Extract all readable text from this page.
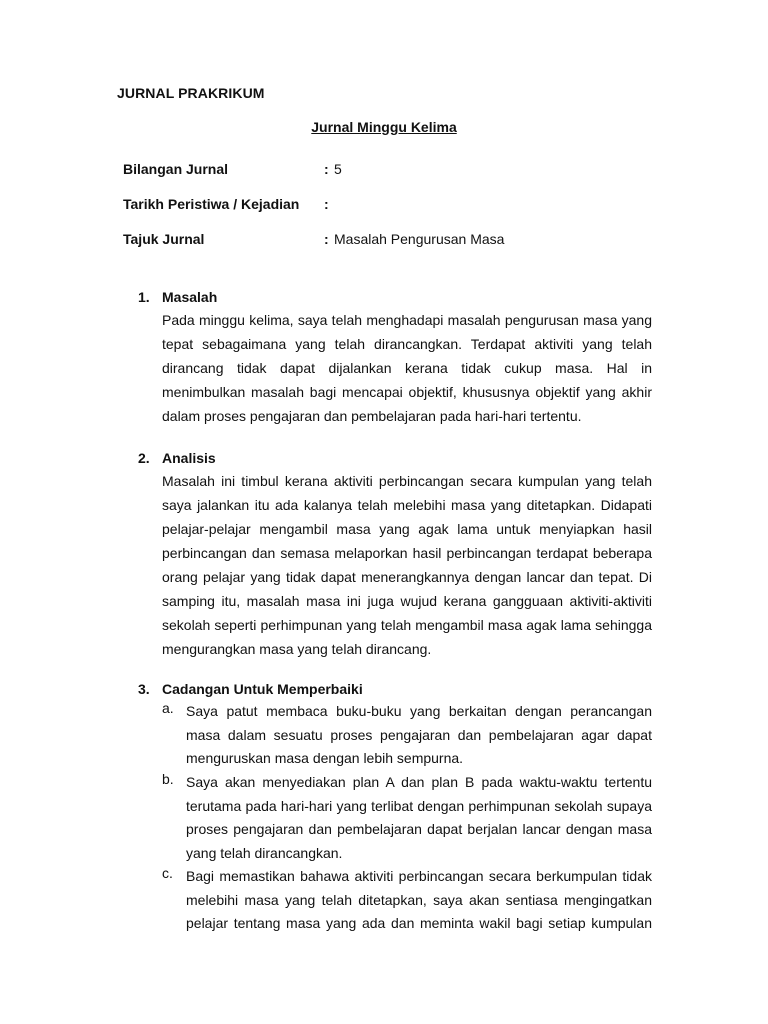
JURNAL PRAKRIKUM
Jurnal Minggu Kelima
Bilangan Jurnal	: 5
Tarikh Peristiwa / Kejadian :
Tajuk Jurnal	: Masalah Pengurusan Masa
1. Masalah
Pada minggu kelima, saya telah menghadapi masalah pengurusan masa yang tepat sebagaimana yang telah dirancangkan. Terdapat aktiviti yang telah dirancang tidak dapat dijalankan kerana tidak cukup masa. Hal in menimbulkan masalah bagi mencapai objektif, khususnya objektif yang akhir dalam proses pengajaran dan pembelajaran pada hari-hari tertentu.
2. Analisis
Masalah ini timbul kerana aktiviti perbincangan secara kumpulan yang telah saya jalankan itu ada kalanya telah melebihi masa yang ditetapkan. Didapati pelajar-pelajar mengambil masa yang agak lama untuk menyiapkan hasil perbincangan dan semasa melaporkan hasil perbincangan terdapat beberapa orang pelajar yang tidak dapat menerangkannya dengan lancar dan tepat. Di samping itu, masalah masa ini juga wujud kerana gangguaan aktiviti-aktiviti sekolah seperti perhimpunan yang telah mengambil masa agak lama sehingga mengurangkan masa yang telah dirancang.
3. Cadangan Untuk Memperbaiki
a. Saya patut membaca buku-buku yang berkaitan dengan perancangan masa dalam sesuatu proses pengajaran dan pembelajaran agar dapat menguruskan masa dengan lebih sempurna.
b. Saya akan menyediakan plan A dan plan B pada waktu-waktu tertentu terutama pada hari-hari yang terlibat dengan perhimpunan sekolah supaya proses pengajaran dan pembelajaran dapat berjalan lancar dengan masa yang telah dirancangkan.
c. Bagi memastikan bahawa aktiviti perbincangan secara berkumpulan tidak melebihi masa yang telah ditetapkan, saya akan sentiasa mengingatkan pelajar tentang masa yang ada dan meminta wakil bagi setiap kumpulan
